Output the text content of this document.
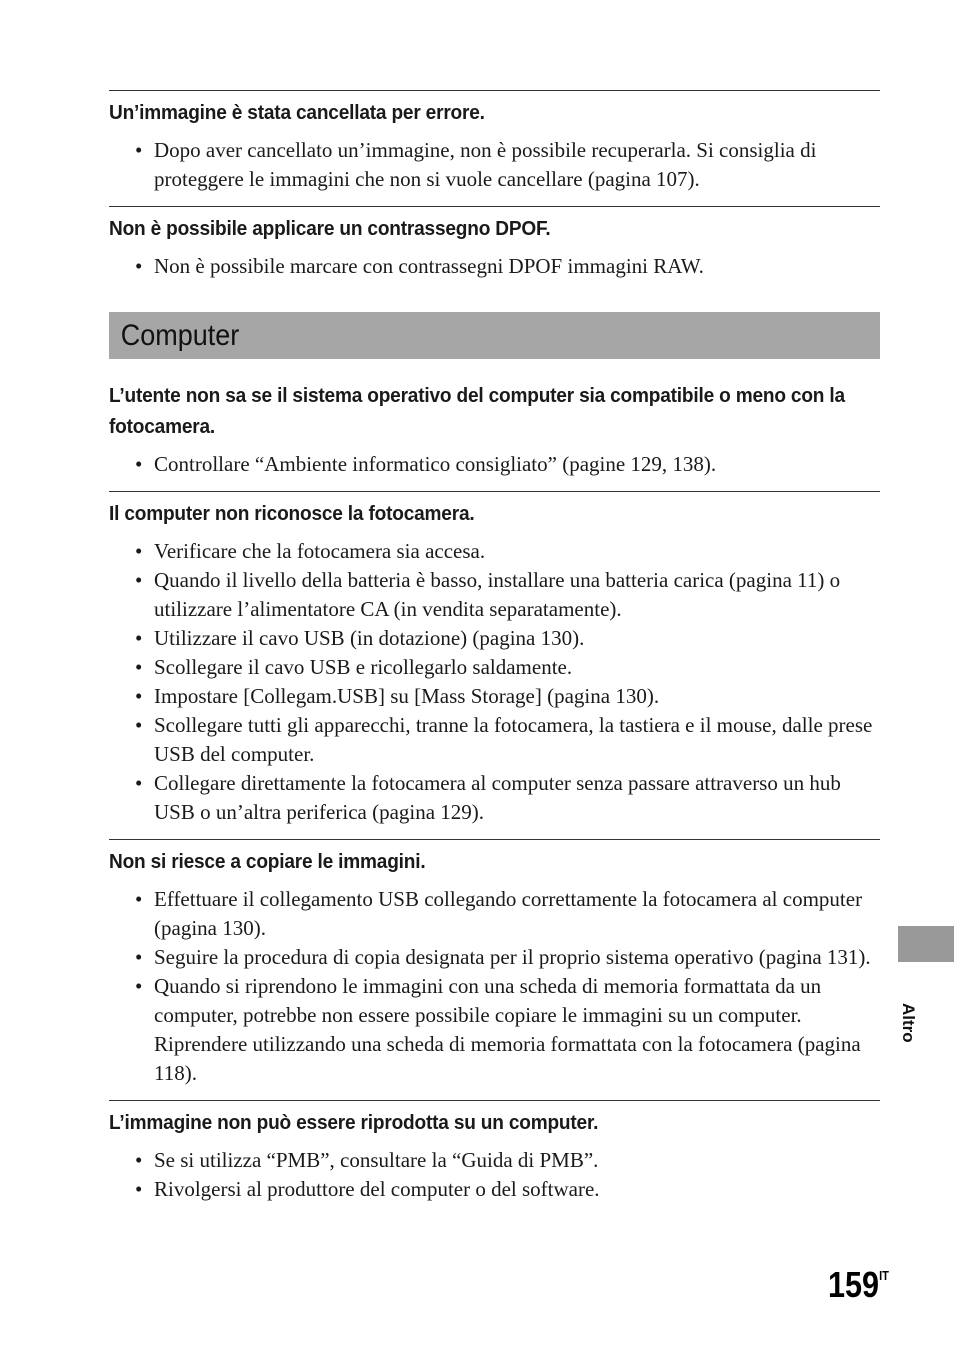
Un’immagine è stata cancellata per errore.
• Dopo aver cancellato un’immagine, non è possibile recuperarla. Si consiglia di proteggere le immagini che non si vuole cancellare (pagina 107).
Non è possibile applicare un contrassegno DPOF.
• Non è possibile marcare con contrassegni DPOF immagini RAW.
Computer
L’utente non sa se il sistema operativo del computer sia compatibile o meno con la fotocamera.
• Controllare “Ambiente informatico consigliato” (pagine 129, 138).
Il computer non riconosce la fotocamera.
• Verificare che la fotocamera sia accesa.
• Quando il livello della batteria è basso, installare una batteria carica (pagina 11) o utilizzare l’alimentatore CA (in vendita separatamente).
• Utilizzare il cavo USB (in dotazione) (pagina 130).
• Scollegare il cavo USB e ricollegarlo saldamente.
• Impostare [Collegam.USB] su [Mass Storage] (pagina 130).
• Scollegare tutti gli apparecchi, tranne la fotocamera, la tastiera e il mouse, dalle prese USB del computer.
• Collegare direttamente la fotocamera al computer senza passare attraverso un hub USB o un’altra periferica (pagina 129).
Non si riesce a copiare le immagini.
• Effettuare il collegamento USB collegando correttamente la fotocamera al computer (pagina 130).
• Seguire la procedura di copia designata per il proprio sistema operativo (pagina 131).
• Quando si riprendono le immagini con una scheda di memoria formattata da un computer, potrebbe non essere possibile copiare le immagini su un computer. Riprendere utilizzando una scheda di memoria formattata con la fotocamera (pagina 118).
L’immagine non può essere riprodotta su un computer.
• Se si utilizza “PMB”, consultare la “Guida di PMB”.
• Rivolgersi al produttore del computer o del software.
Altro
$159^{IT}$
